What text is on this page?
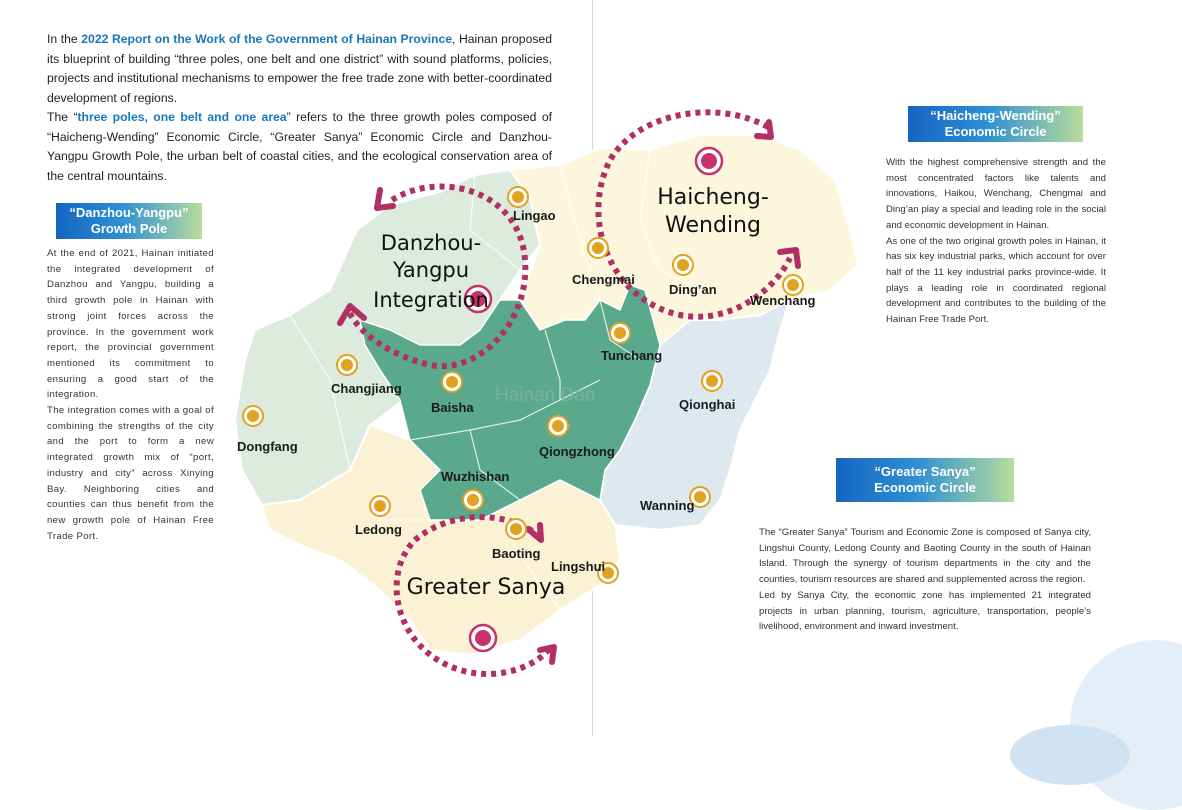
Hainan Dao
Lingao
Chengmai
Ding’an
Wenchang
Tunchang
Qionghai
Changjiang
Baisha
Dongfang	Qiongzhong
Wuzhishan
Wanning
Ledong
Baoting
Lingshui
Danzhou-
Yangpu
Integration
Haicheng-
Wending
Greater Sanya

In the 2022 Report on the Work of the Government of Hainan Province, Hainan proposed its blueprint of building “three poles, one belt and one district” with sound platforms, policies, projects and institutional mechanisms to empower the free trade zone with better-coordinated development of regions.

The “three poles, one belt and one area” refers to the three growth poles composed of “Haicheng-Wending” Economic Circle, “Greater Sanya” Economic Circle and Danzhou-Yangpu Growth Pole, the urban belt of coastal cities, and the ecological conservation area of the central mountains.

“Danzhou-Yangpu”
Growth Pole

At the end of 2021, Hainan initiated the integrated development of Danzhou and Yangpu, building a third growth pole in Hainan with strong joint forces across the province. In the government work report, the provincial government mentioned its commitment to ensuring a good start of the integration.

The integration comes with a goal of combining the strengths of the city and the port to form a new integrated growth mix of “port, industry and city” across Xinying Bay. Neighboring cities and counties can thus benefit from the new growth pole of Hainan Free Trade Port.

“Haicheng-Wending”
Economic Circle

With the highest comprehensive strength and the most concentrated factors like talents and innovations, Haikou, Wenchang, Chengmai and Ding’an play a special and leading role in the social and economic development in Hainan.

As one of the two original growth poles in Hainan, it has six key industrial parks, which account for over half of the 11 key industrial parks province-wide. It plays a leading role in coordinated regional development and contributes to the building of the Hainan Free Trade Port.

“Greater Sanya”
Economic Circle

The “Greater Sanya” Tourism and Economic Zone is composed of Sanya city, Lingshui County, Ledong County and Baoting County in the south of Hainan Island. Through the synergy of tourism departments in the city and the counties, tourism resources are shared and supplemented across the region.

Led by Sanya City, the economic zone has implemented 21 integrated projects in urban planning, tourism, agriculture, transportation, people’s livelihood, environment and inward investment.
